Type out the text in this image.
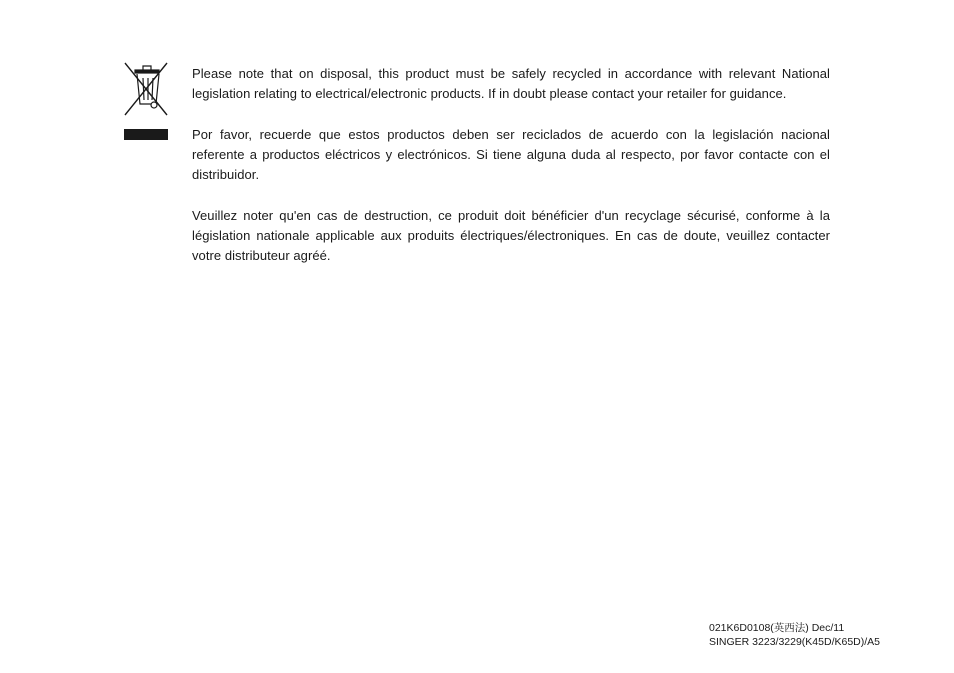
Please note that on disposal, this product must be safely recycled in accordance with relevant National legislation relating to electrical/electronic products. If in doubt please contact your retailer for guidance.

Por favor, recuerde que estos productos deben ser reciclados de acuerdo con la legislación nacional referente a productos eléctricos y electrónicos. Si tiene alguna duda al respecto, por favor contacte con el distribuidor.

Veuillez noter qu'en cas de destruction, ce produit doit bénéficier d'un recyclage sécurisé, conforme à la législation nationale applicable aux produits électriques/électroniques. En cas de doute, veuillez contacter votre distributeur agréé.

021K6D0108(英西法) Dec/11
SINGER 3223/3229(K45D/K65D)/A5
